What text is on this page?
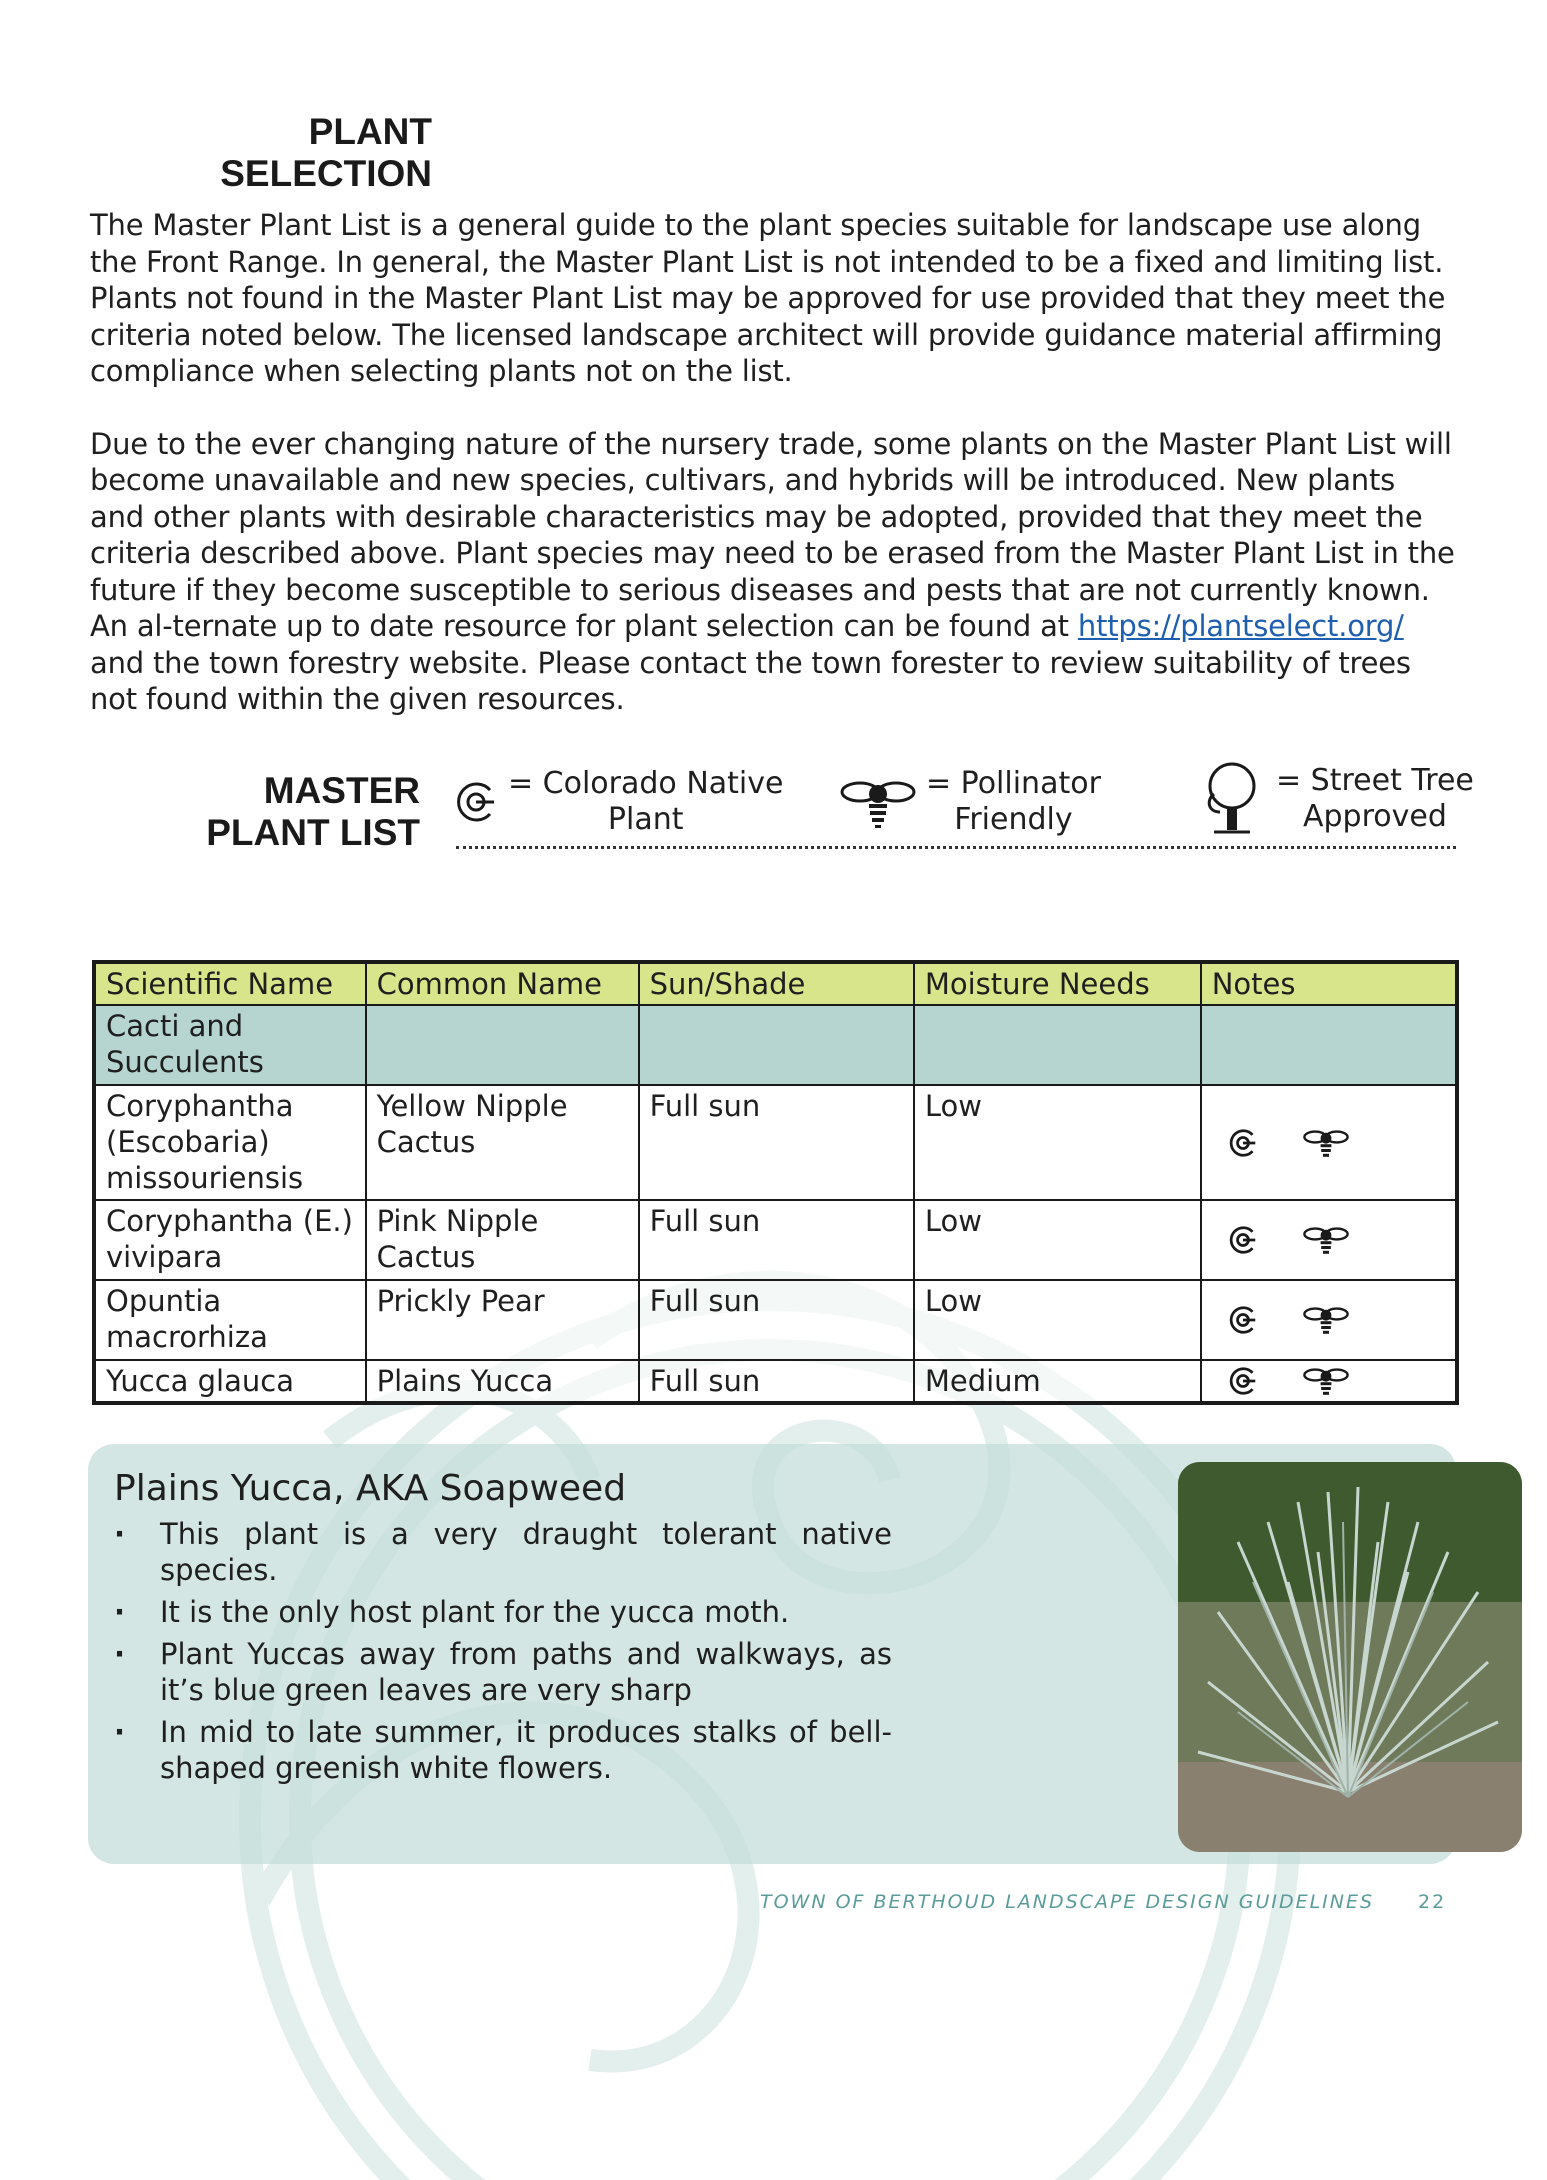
PLANT
SELECTION

The Master Plant List is a general guide to the plant species suitable for landscape use along the Front Range. In general, the Master Plant List is not intended to be a fixed and limiting list. Plants not found in the Master Plant List may be approved for use provided that they meet the criteria noted below. The licensed landscape architect will provide guidance material affirming compliance when selecting plants not on the list.

Due to the ever changing nature of the nursery trade, some plants on the Master Plant List will become unavailable and new species, cultivars, and hybrids will be introduced. New plants and other plants with desirable characteristics may be adopted, provided that they meet the criteria described above. Plant species may need to be erased from the Master Plant List in the future if they become susceptible to serious diseases and pests that are not currently known. An al-ternate up to date resource for plant selection can be found at https://plantselect.org/ and the town forestry website. Please contact the town forester to review suitability of trees not found within the given resources.

MASTER
PLANT LIST
= Colorado Native
Plant
= Pollinator
Friendly
= Street Tree
Approved
Scientific Name	Common Name	Sun/Shade	Moisture Needs	Notes
Cacti and Succulents				
Coryphantha (Escobaria) missouriensis	Yellow Nipple Cactus	Full sun	Low	

Coryphantha (E.) vivipara	Pink Nipple Cactus	Full sun	Low	

Opuntia macrorhiza	Prickly Pear	Full sun	Low	

Yucca glauca	Plains Yucca	Full sun	Medium	
Plains Yucca, AKA Soapweed
· This plant is a very draught tolerant native species.
· It is the only host plant for the yucca moth.
· Plant Yuccas away from paths and walkways, as it’s blue green leaves are very sharp
· In mid to late summer, it produces stalks of bell-shaped greenish white flowers.
TOWN OF BERTHOUD LANDSCAPE DESIGN GUIDELINES 22
